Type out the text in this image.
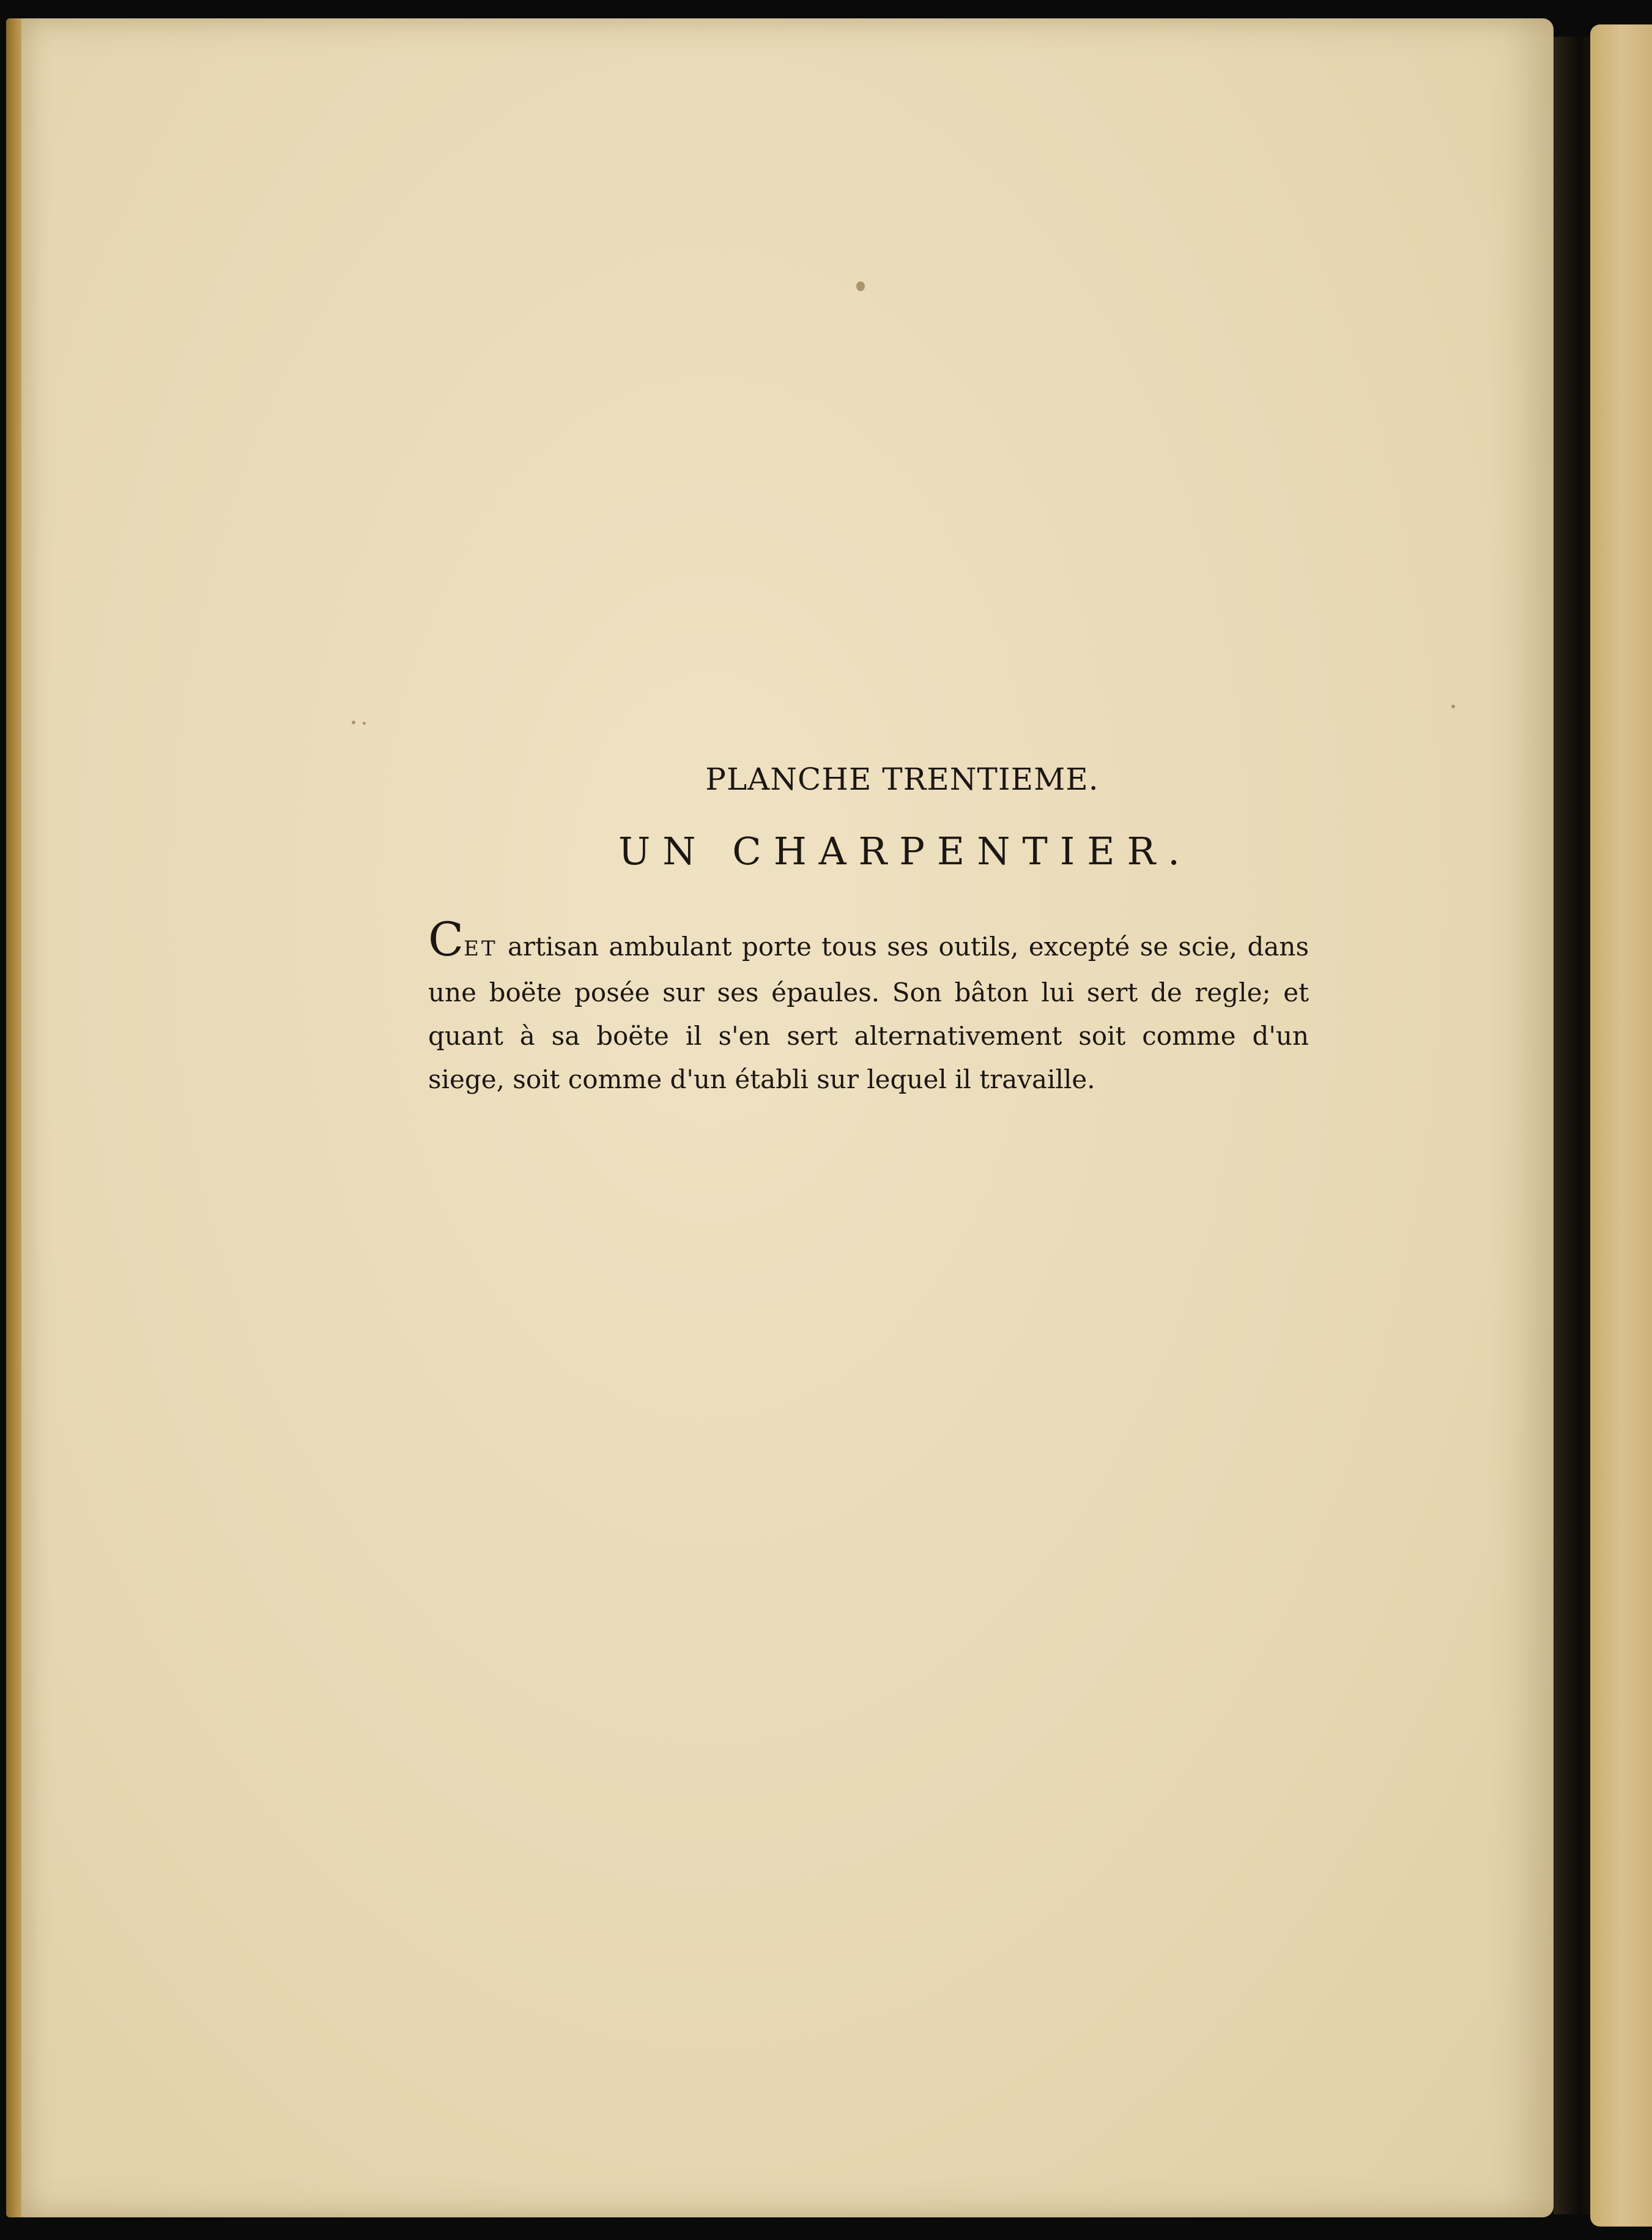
PLANCHE TRENTIEME.
UN CHARPENTIER.

CET artisan ambulant porte tous ses outils, excepté se scie, dans une boëte posée sur ses épaules. Son bâton lui sert de regle; et quant à sa boëte il s'en sert alternativement soit comme d'un siege, soit comme d'un établi sur lequel il travaille.
